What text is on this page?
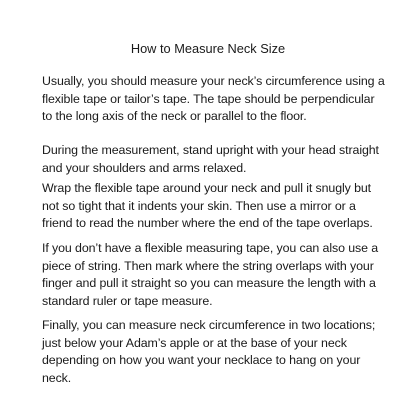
How to Measure Neck Size

Usually, you should measure your neck’s circumference using a
flexible tape or tailor’s tape. The tape should be perpendicular
to the long axis of the neck or parallel to the floor.

During the measurement, stand upright with your head straight
and your shoulders and arms relaxed.

Wrap the flexible tape around your neck and pull it snugly but
not so tight that it indents your skin. Then use a mirror or a
friend to read the number where the end of the tape overlaps.

If you don’t have a flexible measuring tape, you can also use a
piece of string. Then mark where the string overlaps with your
finger and pull it straight so you can measure the length with a
standard ruler or tape measure.

Finally, you can measure neck circumference in two locations;
just below your Adam’s apple or at the base of your neck
depending on how you want your necklace to hang on your
neck.
